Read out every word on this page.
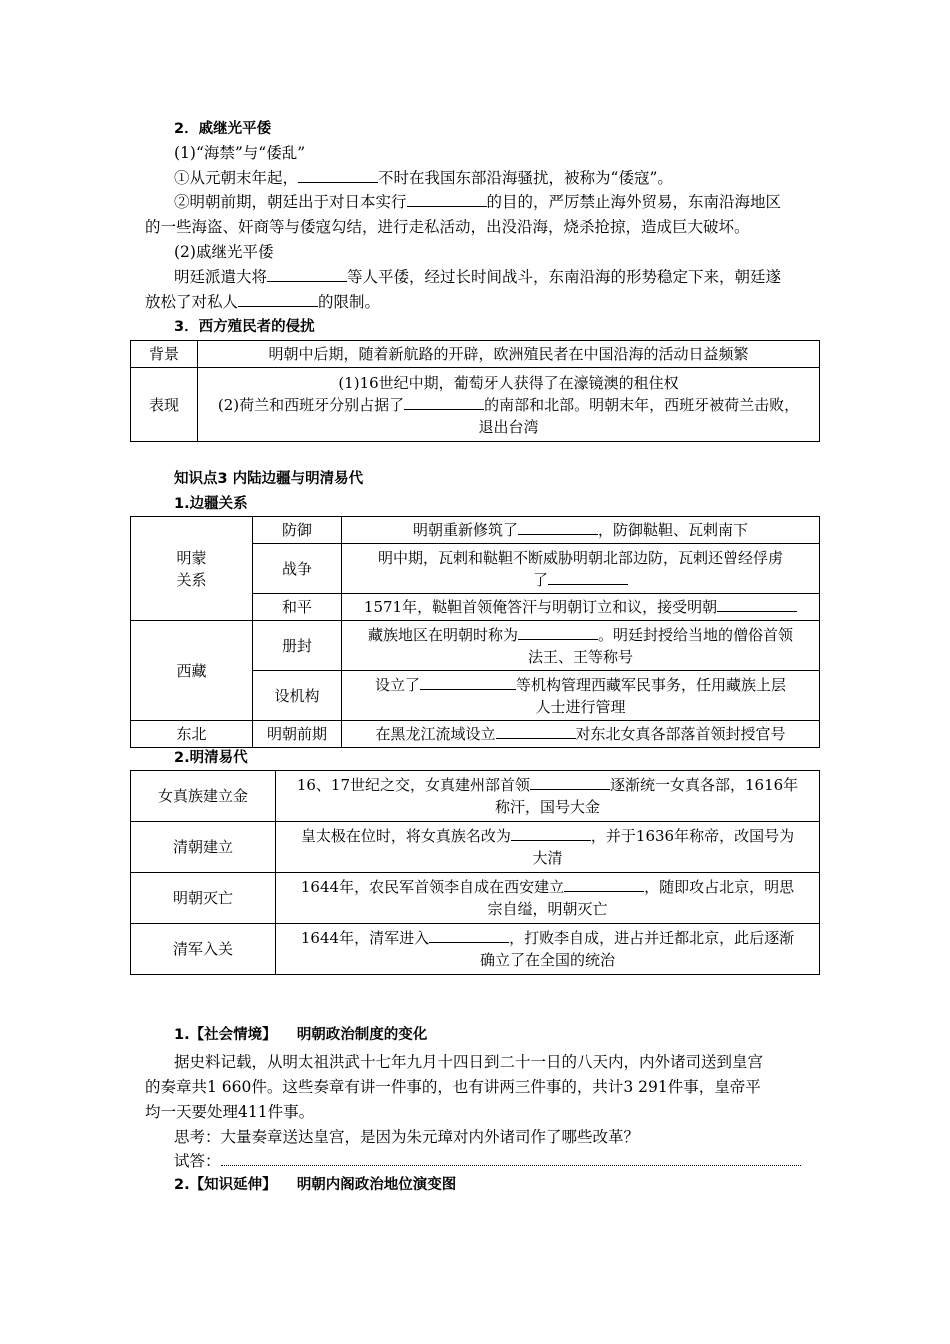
2．戚继光平倭
(1)“海禁”与“倭乱”
①从元朝末年起，	不时在我国东部沿海骚扰，被称为“倭寇”。
②明朝前期，朝廷出于对日本实行	的目的，严厉禁止海外贸易，东南沿海地区
的一些海盗、奸商等与倭寇勾结，进行走私活动，出没沿海，烧杀抢掠，造成巨大破坏。
(2)戚继光平倭
明廷派遣大将	等人平倭，经过长时间战斗，东南沿海的形势稳定下来，朝廷遂
放松了对私人	的限制。
3．西方殖民者的侵扰
背景	明朝中后期，随着新航路的开辟，欧洲殖民者在中国沿海的活动日益频繁
表现	(1)16世纪中期，葡萄牙人获得了在濠镜澳的租住权
(2)荷兰和西班牙分别占据了 的南部和北部。明朝末年，西班牙被荷兰击败，
退出台湾
知识点3 内陆边疆与明清易代
1.边疆关系
明蒙
关系	防御	明朝重新修筑了 ，防御鞑靼、瓦剌南下
	战争	明中期，瓦剌和鞑靼不断威胁明朝北部边防，瓦剌还曾经俘虏
了

	和平	1571年，鞑靼首领俺答汗与明朝订立和议，接受明朝
西藏	册封	藏族地区在明朝时称为 。明廷封授给当地的僧俗首领
法王、王等称号

	设机构	设立了 等机构管理西藏军民事务，任用藏族上层
人士进行管理

东北	明朝前期	在黑龙江流域设立 对东北女真各部落首领封授官号
2.明清易代
女真族建立金	16、17世纪之交，女真建州部首领 逐渐统一女真各部，1616年
称汗，国号大金

清朝建立	皇太极在位时，将女真族名改为 ，并于1636年称帝，改国号为
大清

明朝灭亡	1644年，农民军首领李自成在西安建立 ，随即攻占北京，明思
宗自缢，明朝灭亡

清军入关	1644年，清军进入 ，打败李自成，进占并迁都北京，此后逐渐
确立了在全国的统治
1.【社会情境】 明朝政治制度的变化
据史料记载，从明太祖洪武十七年九月十四日到二十一日的八天内，内外诸司送到皇宫
的奏章共1 660件。这些奏章有讲一件事的，也有讲两三件事的，共计3 291件事，皇帝平
均一天要处理411件事。
思考：大量奏章送达皇宫，是因为朱元璋对内外诸司作了哪些改革？
试答：
2.【知识延伸】 明朝内阁政治地位演变图
